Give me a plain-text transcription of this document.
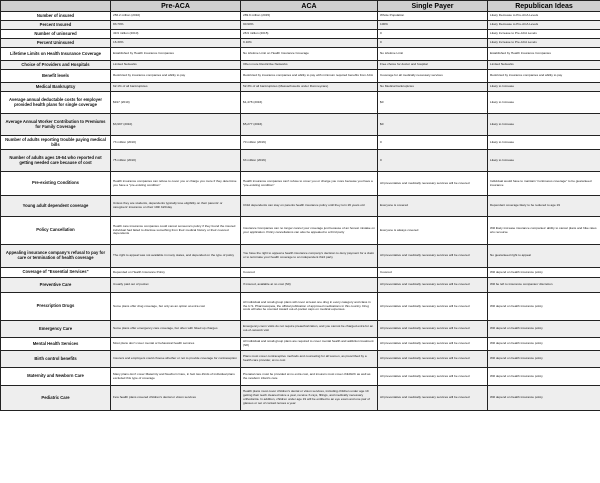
	Pre-ACA	ACA	Single Payer	Republican Ideas
Number of insured	256.2 million (2010)	289.9 million (2015)	Whole Population	Likely Decrease to Pre-ACA Levels
Percent Insured	83.70%	90.90%	100%	Likely Decrease to Pre-ACA Levels
Number of uninsured	49.9 million (2010)	28.9 million (2015)	0	Likely Increase to Pre-ACA Levels
Percent Uninsured	16.30%	9.10%	0	Likely Increase to Pre-ACA Levels
Lifetime Limits on Health Insurance Coverage	Established by Health Insurance Companies	No Lifetime Limit on Health Insurance Coverage	No Lifetime Limit	Established by Health Insurance Companies
Choice of Providers and Hospitals	Limited Networks	Often more Restrictive Networks	Free choice for doctor and hospital	Limited Networks
Benefit levels	Restricted by insurance companies and ability to pay	Restricted by insurance companies and ability to pay with minimum required benefits from ACA	Coverage for all medically necessary services	Restricted by insurance companies and ability to pay
Medical Bankruptcy	62.1% of all bankruptcies	52.3% of all bankruptcies (Massachusetts under Romneycare)	No Medical bankruptcies	Likely to Increase
Average annual deductable costs for employer provided health plans for single coverage	$917 (2010)	$1,478 (2016)	$0	Likely to Increase
Average Annual Worker Contribution to Premiums for Family Coverage	$3,997 (2010)	$5,277 (2016)	$0	Likely to Increase
Number of adults reporting trouble paying medical bills	73 million (2010)	70 million (2016)	0	Likely to Increase
Number of adults ages 19-64 who reported not getting needed care because of cost	75 million (2010)	63 million (2016)	0	Likely to Increase
Pre-existing Conditions	Health insurance companies can refuse to cover you or charge you more if they determine you have a "pre-existing condition"	Health insurance companies can't refuse to cover you or charge you more because you have a "pre-existing condition"	All preventative and medically necessary services will be covered	Individual would have to maintain "continuous coverage" to be guaranteed insurance
Young adult dependent coverage	Unless they are students, dependents typically lose eligibility on their parents' or caregivers' insurance on their 19th birthday	Child dependents can stay on parents health insurance policy until they turn 26 years old	Everyone is covered	Dependent coverage likely to be reduced to age 19
Policy Cancellation	Health care insurance companies could cancel someone's policy if they found the insured individual had failed to disclose something from their medical history or their covered dependents	Insurance Companies can no longer cancel your coverage just because of an honest mistake on your application. Policy cancellations can also be appealed to a third party	Everyone is always covered	Will likely increase insurance companies' ability to cancel plans and hike rates w/o recourse
Appealing insurance company's refusal to pay for care or termination of health coverage	The right to appeal was not available in many states, and depended on the type of policy	You have the right to appeal a health insurance company's decision to deny payment for a claim or to terminate your health coverage to an independent third party	All preventative and medically necessary services will be covered	No guaranteed right to appeal
Coverage of "Essential Services"	Depended on Health Insurance Policy	Covered	Covered	Will depend on health insurance policy
Preventive Care	Usually paid out of pocket	If insured, available at no cost (S0)	All preventative and medically necessary services will be covered	Will be left to insurance companies' discretion
Prescription Drugs	Some plans offer drug coverage, but only as an option at extra cost	All individual and small-group plans will cover at least one drug in every category and class in the U.S. Pharmacopeia, the official publication of approved medications in this country. Drug costs will also be counted toward out-of-pocket caps on medical expenses.	All preventative and medically necessary services will be covered	Will depend on health insurance policy
Emergency Care	Some plans offer emergency care coverage, but often with hiked up charges	Emergency-room visits do not require preauthorization, and you cannot be charged extra for an out-of-network visit	All preventative and medically necessary services will be covered	Will depend on health insurance policy
Mental Health Services	Most plans don't cover mental or behavioral health services	All individual and small-group plans are required to cover mental health and addiction treatment (S8)	All preventative and medically necessary services will be covered	Will depend on health insurance policy
Birth control benefits	Insurers and employers could choose whether or not to provide coverage for contraception	Plans must cover contraceptive methods and counseling for all women, as prescribed by a health care provider, at no cost	All preventative and medically necessary services will be covered	Will depend on health insurance policy
Maternity and Newborn Care	Many plans don't cover Maternity and Newborn Care, in fact two-thirds of individual plans excluded this type of coverage	Prenatal care must be provided at no extra cost, and insurers must cover childbirth as well as the newborn infant's care	All preventative and medically necessary services will be covered	Will depend on health insurance policy
Pediatric Care	Few health plans covered children's dental or vision services	Health plans must cover children's dental or vision services, including children under age 19 getting their teeth cleaned twice a year, receive X-rays, fillings, and medically necessary orthodontia. In addition, children under age 19 will be entitled to an eye exam and one pair of glasses or set of contact lenses a year	All preventative and medically necessary services will be covered	Will depend on health insurance policy
